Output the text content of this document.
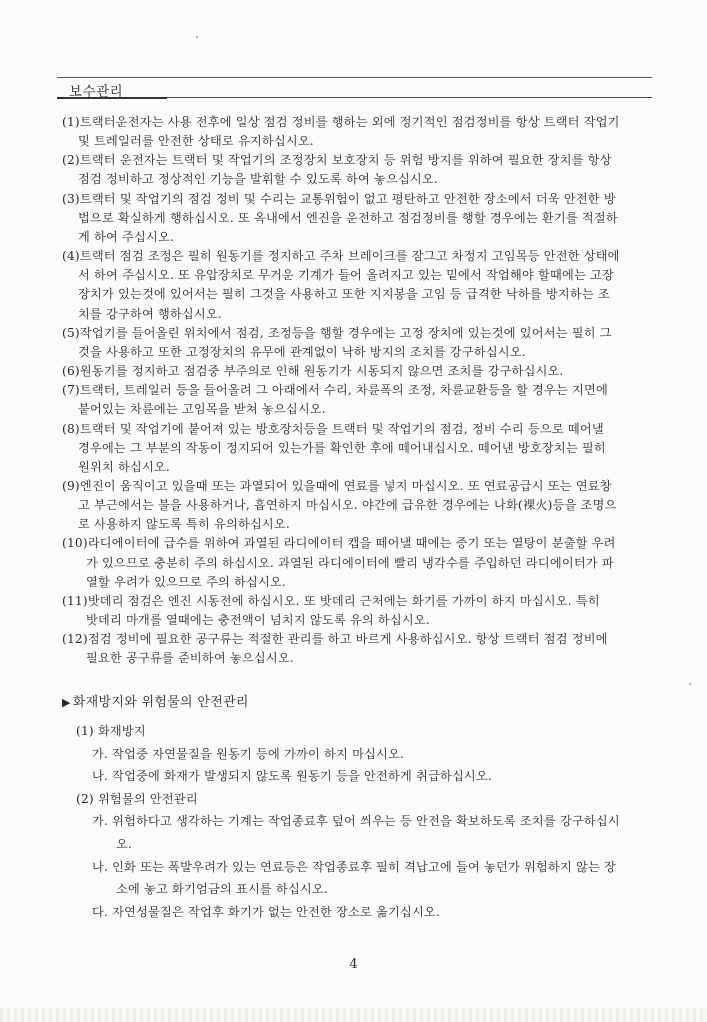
보수관리
(1)트랙터운전자는 사용 전후에 일상 점검 정비를 행하는 외에 정기적인 점검정비를 항상 트랙터 작업기
및 트레일러를 안전한 상태로 유지하십시오.
(2)트랙터 운전자는 트랙터 및 작업기의 조정장치 보호장치 등 위험 방지를 위하여 필요한 장치를 항상
점검 정비하고 정상적인 기능을 발휘할 수 있도록 하여 놓으십시오.
(3)트랙터 및 작업기의 점검 정비 및 수리는 교통위험이 없고 평탄하고 안전한 장소에서 더욱 안전한 방
법으로 확실하게 행하십시오. 또 옥내에서 엔진을 운전하고 점검정비를 행할 경우에는 환기를 적절하
게 하여 주십시오.
(4)트랙터 점검 조정은 필히 원동기를 정지하고 주차 브레이크를 잠그고 차정지 고임목등 안전한 상태에
서 하여 주십시오. 또 유압장치로 무거운 기계가 들어 올려지고 있는 밑에서 작업해야 할때에는 고장
장치가 있는것에 있어서는 필히 그것을 사용하고 또한 지지봉을 고임 등 급격한 낙하를 방지하는 조
치를 강구하여 행하십시오.
(5)작업기를 들어올린 위치에서 점검, 조정등을 행할 경우에는 고정 장치에 있는것에 있어서는 필히 그
것을 사용하고 또한 고정장치의 유무에 관계없이 낙하 방지의 조치를 강구하십시오.
(6)원동기를 정지하고 점검중 부주의로 인해 원동기가 시동되지 않으면 조치를 강구하십시오.
(7)트랙터, 트레일러 등을 들어올려 그 아래에서 수리, 차륜폭의 조정, 차륜교환등을 할 경우는 지면에
붙어있는 차륜에는 고임목을 받쳐 놓으십시오.
(8)트랙터 및 작업기에 붙어져 있는 방호장치등을 트랙터 및 작업기의 점검, 정비 수리 등으로 떼어낼
경우에는 그 부분의 작동이 정지되어 있는가를 확인한 후에 떼어내십시오. 떼어낸 방호장치는 필히
원위치 하십시오.
(9)엔진이 움직이고 있을때 또는 과열되어 있을때에 연료를 넣지 마십시오. 또 연료공급시 또는 연료창
고 부근에서는 불을 사용하거나, 흡연하지 마십시오. 야간에 급유한 경우에는 나화(裸火)등을 조명으
로 사용하지 않도록 특히 유의하십시오.
(10)라디에이터에 급수를 위하여 과열된 라디에이터 캡을 떼어낼 때에는 증기 또는 열탕이 분출할 우려
가 있으므로 충분히 주의 하십시오. 과열된 라디에이터에 빨리 냉각수를 주입하던 라디에이터가 파
열할 우려가 있으므로 주의 하십시오.
(11)밧데리 점검은 엔진 시동전에 하십시오. 또 밧데리 근처에는 화기를 가까이 하지 마십시오. 특히
밧데리 마개를 열때에는 충전액이 넘치지 않도록 유의 하십시오.
(12)점검 정비에 필요한 공구류는 적절한 관리를 하고 바르게 사용하십시오. 항상 트랙터 점검 정비에
필요한 공구류를 준비하여 놓으십시오.
▶ 화재방지와 위험물의 안전관리
(1) 화재방지
가. 작업중 자연물질을 원동기 등에 가까이 하지 마십시오.
나. 작업중에 화재가 발생되지 않도록 원동기 등을 안전하게 취급하십시오.
(2) 위험물의 안전관리
가. 위험하다고 생각하는 기계는 작업종료후 덮어 씌우는 등 안전을 확보하도록 조치를 강구하십시
오.
나. 인화 또는 폭발우려가 있는 연료등은 작업종료후 필히 격납고에 들여 놓던가 위험하지 않는 장
소에 놓고 화기엄금의 표시를 하십시오.
다. 자연성물질은 작업후 화기가 없는 안전한 장소로 옮기십시오.
4
